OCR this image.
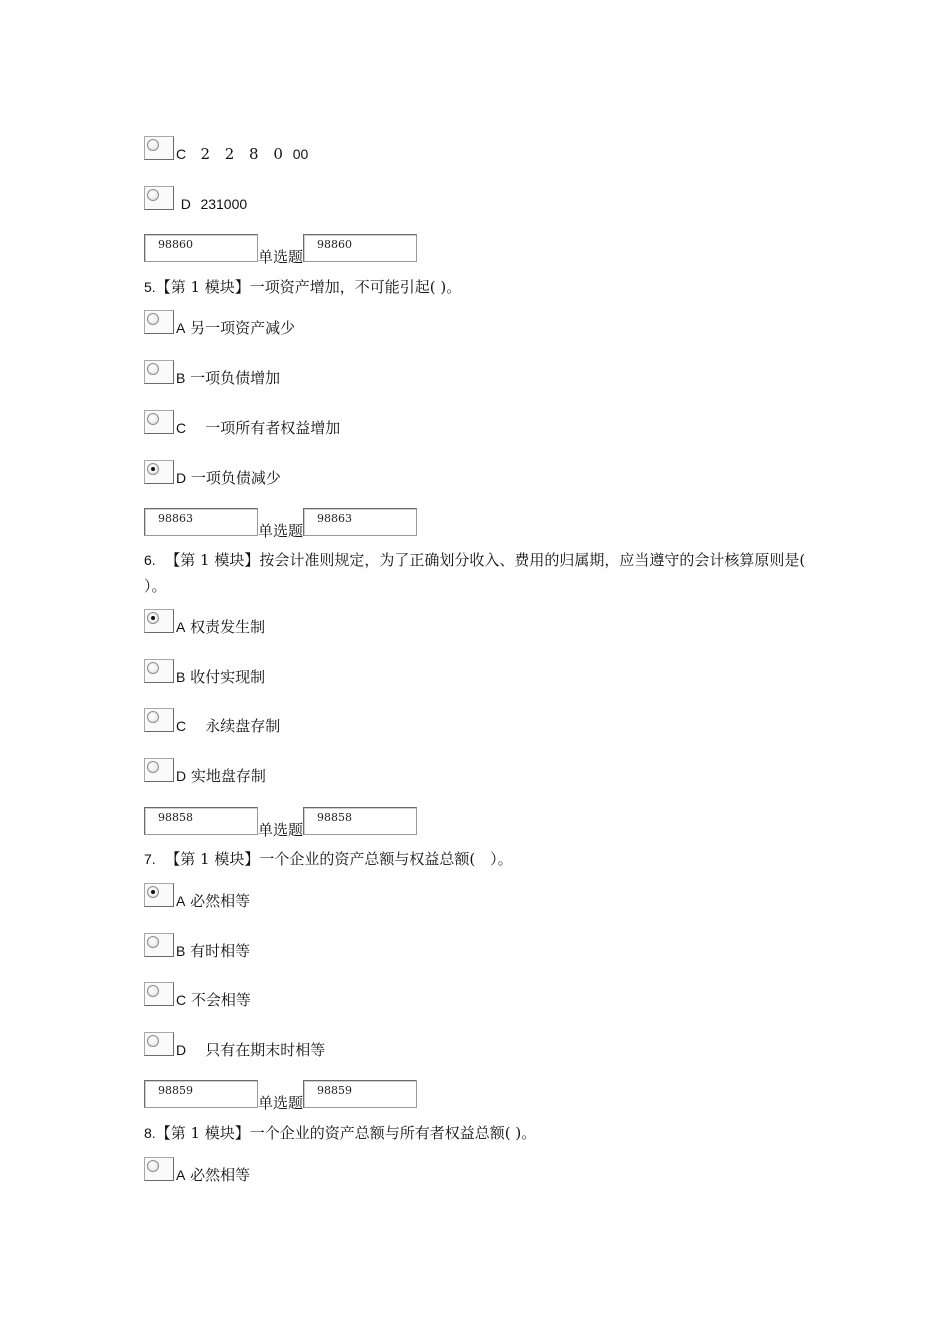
C 2 2 8 0 00
D 231000
98860
单选题
98860
5.【第 1 模块】一项资产增加，不可能引起( )。
A 另一项资产减少
B 一项负债增加
C 一项所有者权益增加
D 一项负债减少
98863
单选题
98863
6. 【第 1 模块】按会计准则规定，为了正确划分收入、费用的归属期，应当遵守的会计核算原则是( ）。
A 权责发生制
B 收付实现制
C 永续盘存制
D 实地盘存制
98858
单选题
98858
7. 【第 1 模块】一个企业的资产总额与权益总额(　）。
A 必然相等
B 有时相等
C 不会相等
D 只有在期末时相等
98859
单选题
98859
8.【第 1 模块】一个企业的资产总额与所有者权益总额( )。
A 必然相等
